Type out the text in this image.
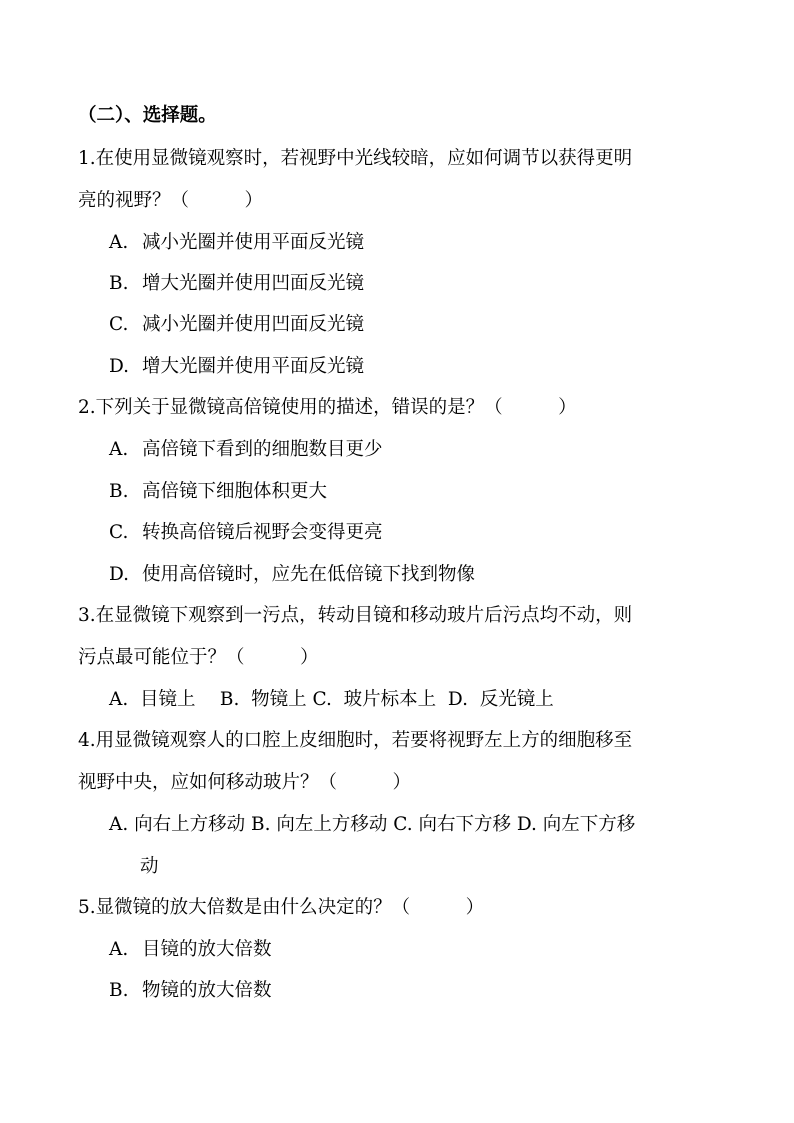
（二）、选择题。
1.在使用显微镜观察时，若视野中光线较暗，应如何调节以获得更明
亮的视野？（　　　）
A. 减小光圈并使用平面反光镜
B. 增大光圈并使用凹面反光镜
C. 减小光圈并使用凹面反光镜
D. 增大光圈并使用平面反光镜
2.下列关于显微镜高倍镜使用的描述，错误的是？（　　　）
A. 高倍镜下看到的细胞数目更少
B. 高倍镜下细胞体积更大
C. 转换高倍镜后视野会变得更亮
D. 使用高倍镜时，应先在低倍镜下找到物像
3.在显微镜下观察到一污点，转动目镜和移动玻片后污点均不动，则
污点最可能位于？（　　　）
A.  目镜上　 B.  物镜上 C.  玻片标本上  D.  反光镜上
4.用显微镜观察人的口腔上皮细胞时，若要将视野左上方的细胞移至
视野中央，应如何移动玻片？（　　　）
A. 向右上方移动 B. 向左上方移动 C. 向右下方移 D. 向左下方移
动
5.显微镜的放大倍数是由什么决定的？（　　　）
A. 目镜的放大倍数
B. 物镜的放大倍数
